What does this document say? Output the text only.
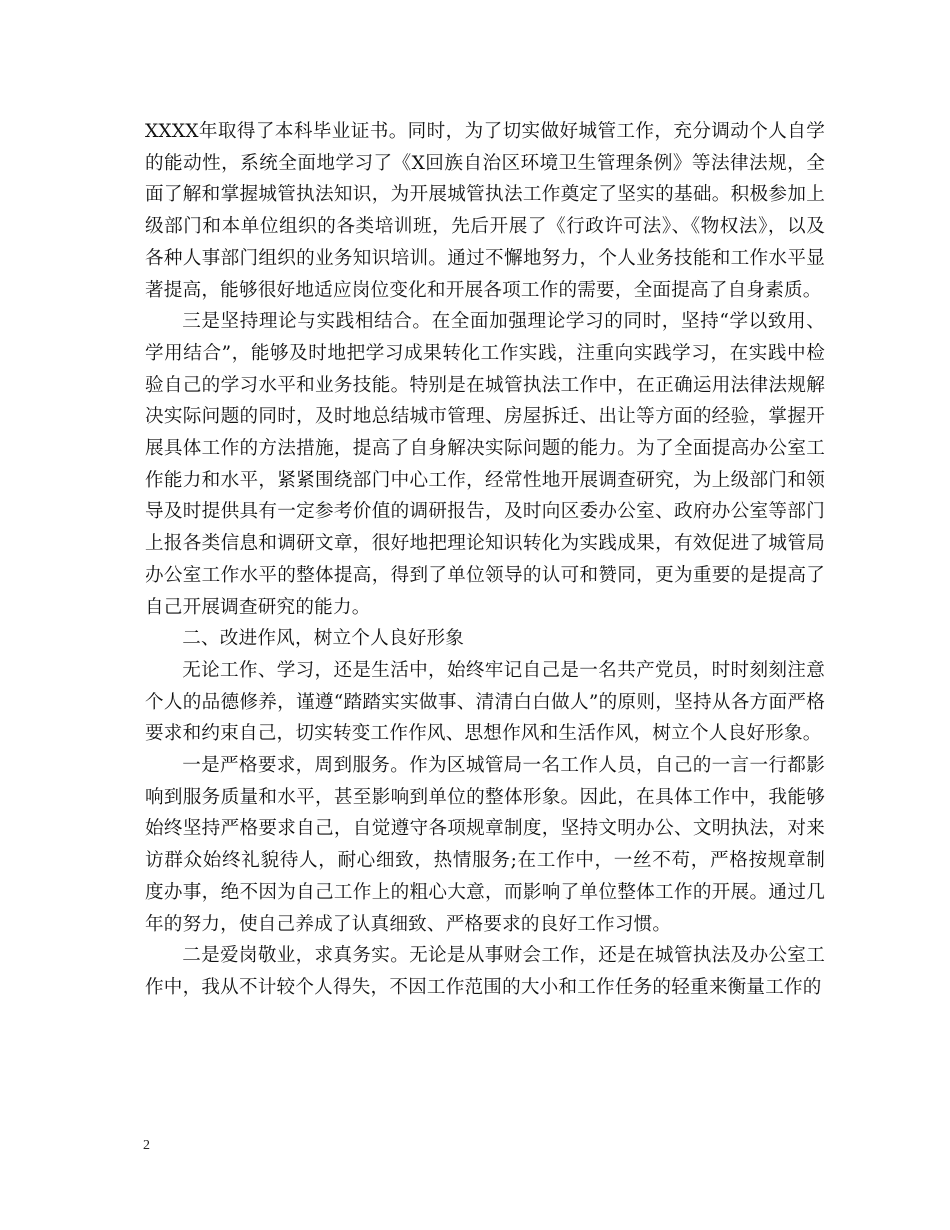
XXXX年取得了本科毕业证书。同时，为了切实做好城管工作，充分调动个人自学的能动性，系统全面地学习了《X回族自治区环境卫生管理条例》等法律法规，全面了解和掌握城管执法知识，为开展城管执法工作奠定了坚实的基础。积极参加上级部门和本单位组织的各类培训班，先后开展了《行政许可法》、《物权法》，以及各种人事部门组织的业务知识培训。通过不懈地努力，个人业务技能和工作水平显著提高，能够很好地适应岗位变化和开展各项工作的需要，全面提高了自身素质。

三是坚持理论与实践相结合。在全面加强理论学习的同时，坚持“学以致用、学用结合”，能够及时地把学习成果转化工作实践，注重向实践学习，在实践中检验自己的学习水平和业务技能。特别是在城管执法工作中，在正确运用法律法规解决实际问题的同时，及时地总结城市管理、房屋拆迁、出让等方面的经验，掌握开展具体工作的方法措施，提高了自身解决实际问题的能力。为了全面提高办公室工作能力和水平，紧紧围绕部门中心工作，经常性地开展调查研究，为上级部门和领导及时提供具有一定参考价值的调研报告，及时向区委办公室、政府办公室等部门上报各类信息和调研文章，很好地把理论知识转化为实践成果，有效促进了城管局办公室工作水平的整体提高，得到了单位领导的认可和赞同，更为重要的是提高了自己开展调查研究的能力。

二、改进作风，树立个人良好形象

无论工作、学习，还是生活中，始终牢记自己是一名共产党员，时时刻刻注意个人的品德修养，谨遵“踏踏实实做事、清清白白做人”的原则，坚持从各方面严格要求和约束自己，切实转变工作作风、思想作风和生活作风，树立个人良好形象。

一是严格要求，周到服务。作为区城管局一名工作人员，自己的一言一行都影响到服务质量和水平，甚至影响到单位的整体形象。因此，在具体工作中，我能够始终坚持严格要求自己，自觉遵守各项规章制度，坚持文明办公、文明执法，对来访群众始终礼貌待人，耐心细致，热情服务;在工作中，一丝不苟，严格按规章制度办事，绝不因为自己工作上的粗心大意，而影响了单位整体工作的开展。通过几年的努力，使自己养成了认真细致、严格要求的良好工作习惯。

二是爱岗敬业，求真务实。无论是从事财会工作，还是在城管执法及办公室工作中，我从不计较个人得失，不因工作范围的大小和工作任务的轻重来衡量工作的

2
